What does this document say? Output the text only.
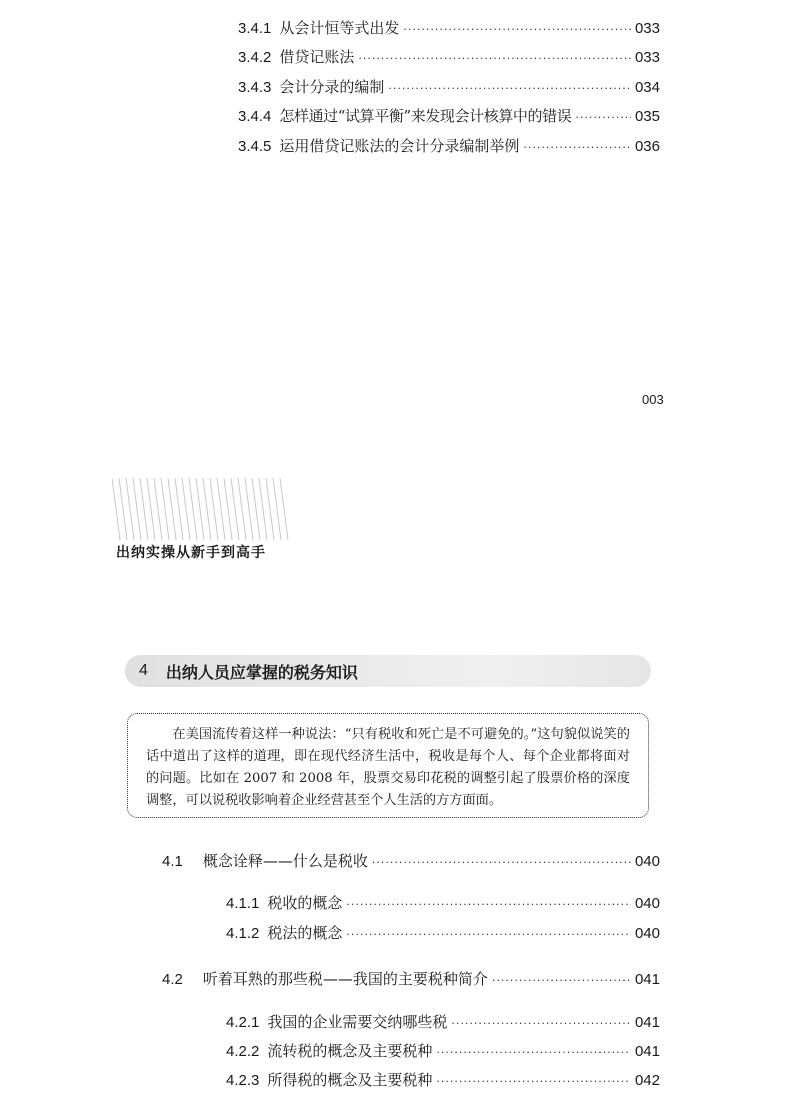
3.4.1 从会计恒等式出发 ·····	033
3.4.2 借贷记账法 ·····	033
3.4.3 会计分录的编制 ·····	034
3.4.4 怎样通过“试算平衡”来发现会计核算中的错误 ·····	035
3.4.5 运用借贷记账法的会计分录编制举例 ·····	036
003
出纳实操从新手到高手
4 出纳人员应掌握的税务知识
在美国流传着这样一种说法：“只有税收和死亡是不可避免的。”这句貌似说笑的话中道出了这样的道理，即在现代经济生活中，税收是每个人、每个企业都将面对的问题。比如在 2007 和 2008 年，股票交易印花税的调整引起了股票价格的深度调整，可以说税收影响着企业经营甚至个人生活的方方面面。
4.1 概念诠释——什么是税收 ·····	040
4.1.1 税收的概念 ·····	040
4.1.2 税法的概念 ·····	040
4.2 听着耳熟的那些税——我国的主要税种简介 ·····	041
4.2.1 我国的企业需要交纳哪些税 ·····	041
4.2.2 流转税的概念及主要税种 ·····	041
4.2.3 所得税的概念及主要税种 ·····	042
